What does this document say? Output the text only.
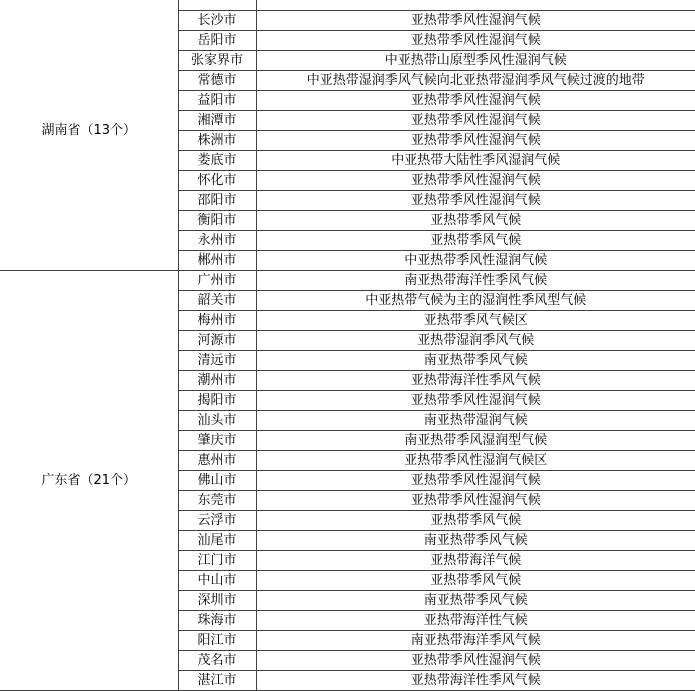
湖南省（13个）		
	长沙市	亚热带季风性湿润气候
	岳阳市	亚热带季风性湿润气候
	张家界市	中亚热带山原型季风性湿润气候
	常德市	中亚热带湿润季风气候向北亚热带湿润季风气候过渡的地带
	益阳市	亚热带季风性湿润气候
	湘潭市	亚热带季风性湿润气候
	株洲市	亚热带季风性湿润气候
	娄底市	中亚热带大陆性季风湿润气候
	怀化市	亚热带季风性湿润气候
	邵阳市	亚热带季风性湿润气候
	衡阳市	亚热带季风气候
	永州市	亚热带季风气候
	郴州市	中亚热带季风性湿润气候
广东省（21个）	广州市	南亚热带海洋性季风气候
	韶关市	中亚热带气候为主的湿润性季风型气候
	梅州市	亚热带季风气候区
	河源市	亚热带湿润季风气候
	清远市	南亚热带季风气候
	潮州市	亚热带海洋性季风气候
	揭阳市	亚热带季风性湿润气候
	汕头市	南亚热带湿润气候
	肇庆市	南亚热带季风湿润型气候
	惠州市	亚热带季风性湿润气候区
	佛山市	亚热带季风性湿润气候
	东莞市	亚热带季风性湿润气候
	云浮市	亚热带季风气候
	汕尾市	南亚热带季风气候
	江门市	亚热带海洋气候
	中山市	亚热带季风气候
	深圳市	南亚热带季风气候
	珠海市	亚热带海洋性气候
	阳江市	南亚热带海洋季风气候
	茂名市	亚热带季风性湿润气候
	湛江市	亚热带海洋性季风气候
